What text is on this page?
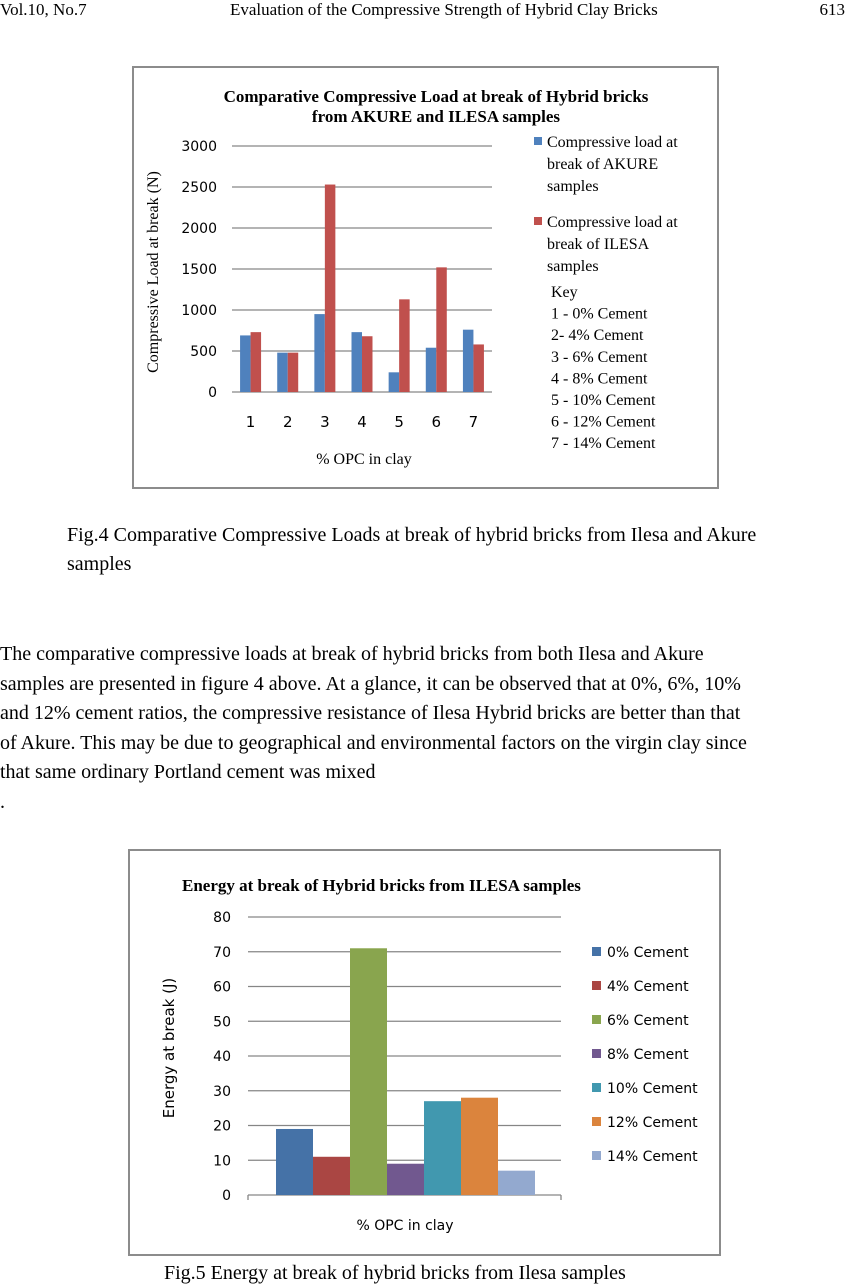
Vol.10, No.7	Evaluation of the Compressive Strength of Hybrid Clay Bricks	613
Comparative Compressive Load at break of Hybrid bricks
from AKURE and ILESA samples
0
500
1000
1500
2000
2500
3000
1 2 3 4 5 6 7
% OPC in clay
Compressive Load at break (N)
Compressive load at
break of AKURE
samples
Compressive load at
break of ILESA
samples
Key
1 - 0% Cement
2- 4% Cement
3 - 6% Cement
4 - 8% Cement
5 - 10% Cement
6 - 12% Cement
7 - 14% Cement
Fig.4 Comparative Compressive Loads at break of hybrid bricks from Ilesa and Akure
samples
The comparative compressive loads at break of hybrid bricks from both Ilesa and Akure
samples are presented in figure 4 above. At a glance, it can be observed that at 0%, 6%, 10%
and 12% cement ratios, the compressive resistance of Ilesa Hybrid bricks are better than that
of Akure. This may be due to geographical and environmental factors on the virgin clay since
that same ordinary Portland cement was mixed
.
Energy at break of Hybrid bricks from ILESA samples
0
10
20
30
40
50
60
70
80
% OPC in clay
Energy at break (J)
0% Cement
4% Cement
6% Cement
8% Cement
10% Cement
12% Cement
14% Cement
Fig.5 Energy at break of hybrid bricks from Ilesa samples
